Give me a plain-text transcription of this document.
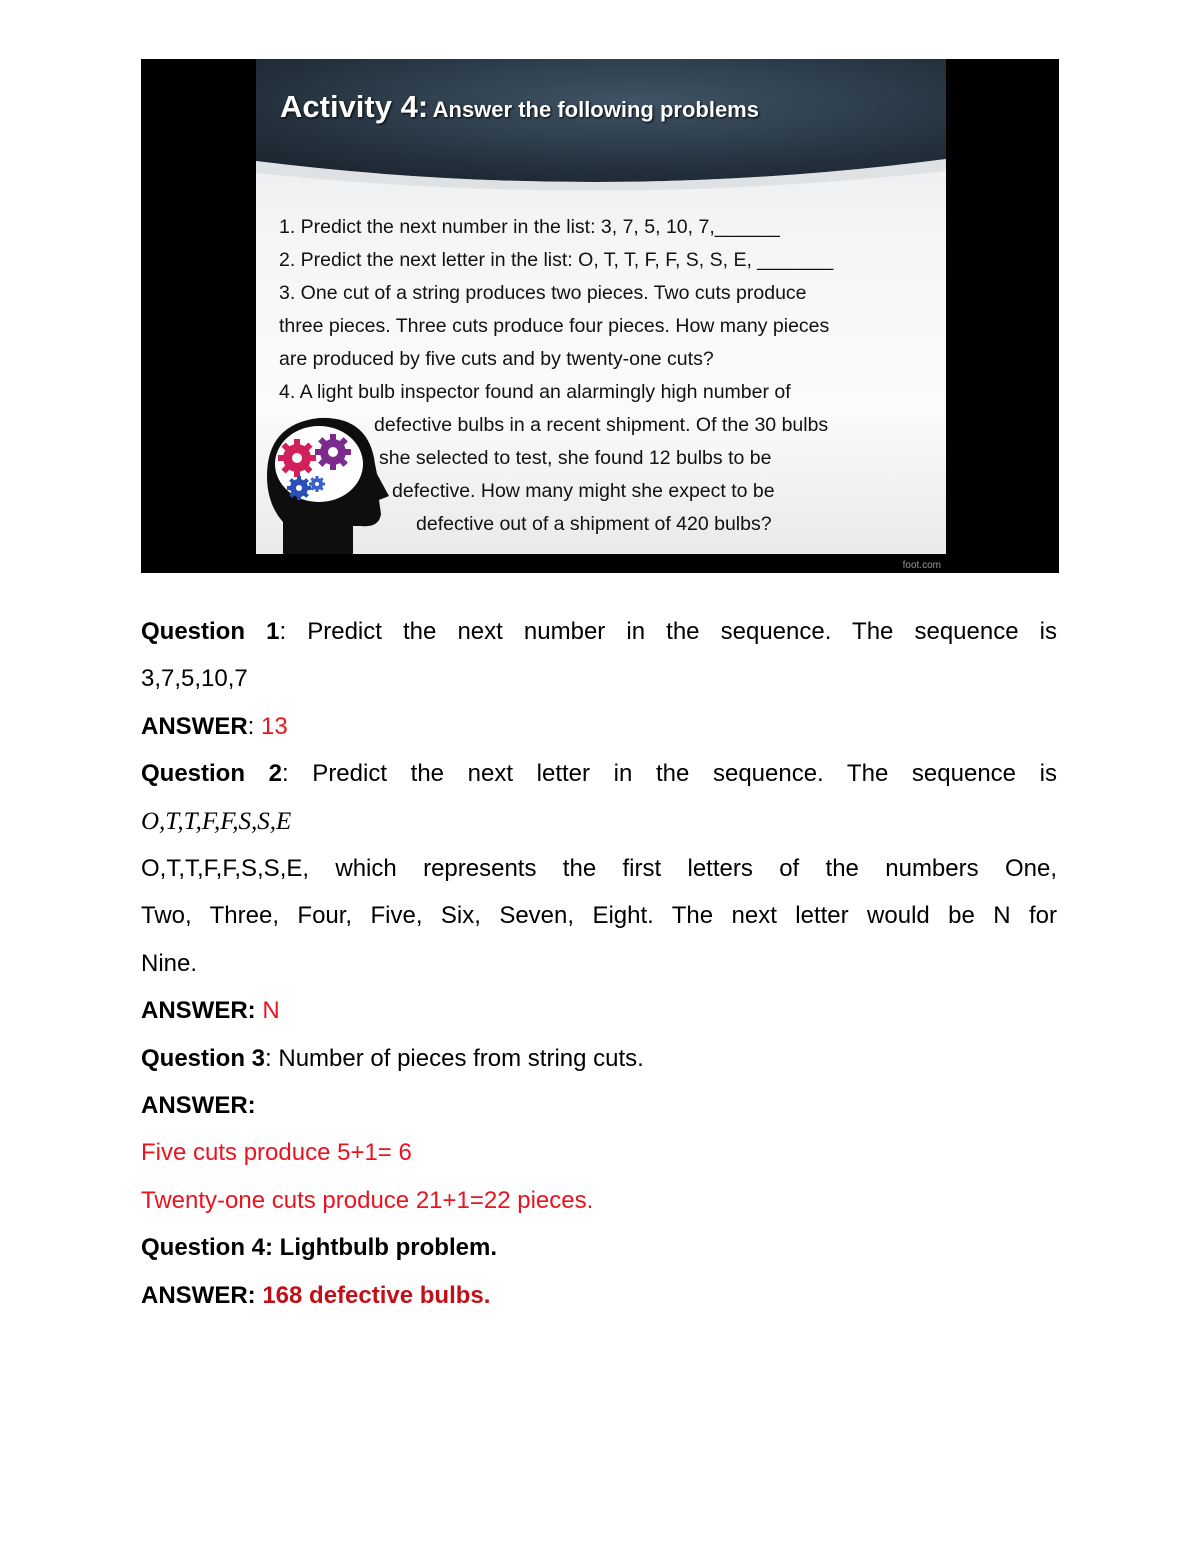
Activity 4: Answer the following problems
1. Predict the next number in the list: 3, 7, 5, 10, 7,______
2. Predict the next letter in the list: O, T, T, F, F, S, S, E, _______
3. One cut of a string produces two pieces. Two cuts produce
three pieces. Three cuts produce four pieces. How many pieces
are produced by five cuts and by twenty-one cuts?
4. A light bulb inspector found an alarmingly high number of
defective bulbs in a recent shipment. Of the 30 bulbs
she selected to test, she found 12 bulbs to be
defective. How many might she expect to be
defective out of a shipment of 420 bulbs?
foot.com

Question 1: Predict the next number in the sequence. The sequence is

3,7,5,10,7

ANSWER: 13

Question 2: Predict the next letter in the sequence. The sequence is

O,T,T,F,F,S,S,E

O,T,T,F,F,S,S,E, which represents the first letters of the numbers One,

Two, Three, Four, Five, Six, Seven, Eight. The next letter would be N for

Nine.

ANSWER: N

Question 3: Number of pieces from string cuts.

ANSWER:

Five cuts produce 5+1= 6

Twenty-one cuts produce 21+1=22 pieces.

Question 4: Lightbulb problem.

ANSWER: 168 defective bulbs.
